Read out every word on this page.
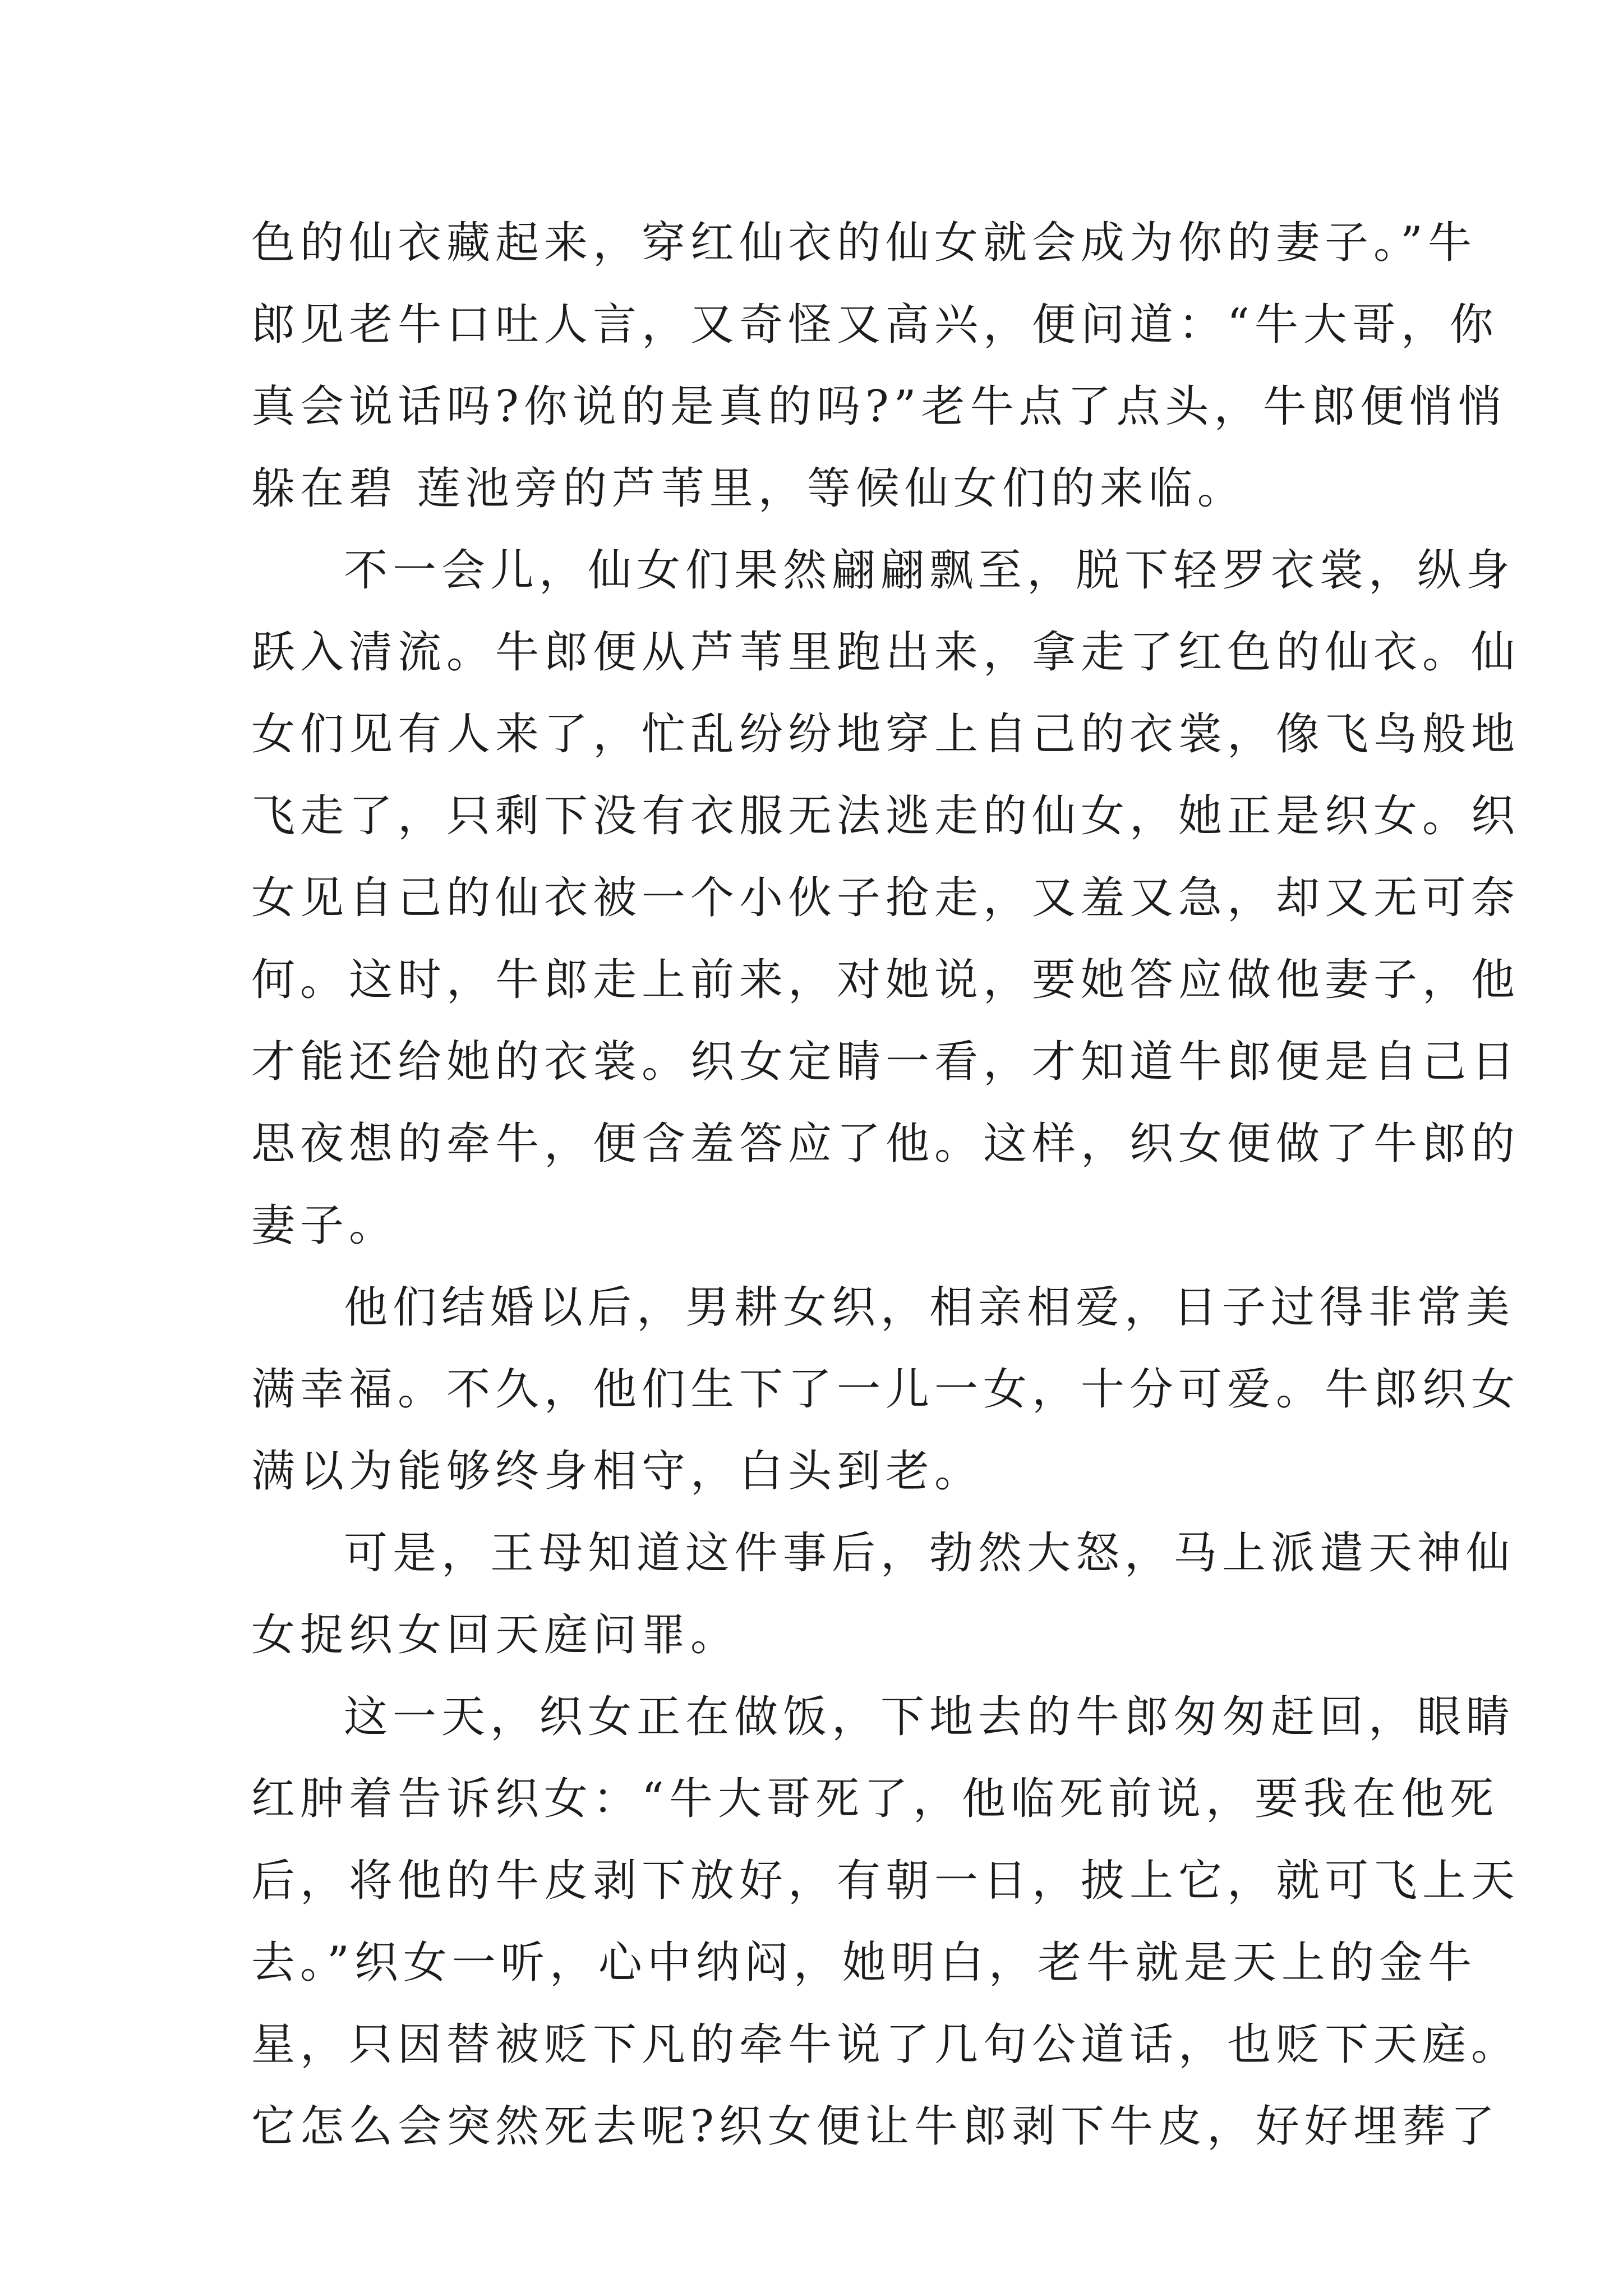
色的仙衣藏起来，穿红仙衣的仙女就会成为你的妻子。”牛
郎见老牛口吐人言，又奇怪又高兴，便问道：“牛大哥，你
真会说话吗?你说的是真的吗?”老牛点了点头，牛郎便悄悄
躲在碧 莲池旁的芦苇里，等候仙女们的来临。
不一会儿，仙女们果然翩翩飘至，脱下轻罗衣裳，纵身
跃入清流。牛郎便从芦苇里跑出来，拿走了红色的仙衣。仙
女们见有人来了，忙乱纷纷地穿上自己的衣裳，像飞鸟般地
飞走了，只剩下没有衣服无法逃走的仙女，她正是织女。织
女见自己的仙衣被一个小伙子抢走，又羞又急，却又无可奈
何。这时，牛郎走上前来，对她说，要她答应做他妻子，他
才能还给她的衣裳。织女定睛一看，才知道牛郎便是自己日
思夜想的牵牛，便含羞答应了他。这样，织女便做了牛郎的
妻子。
他们结婚以后，男耕女织，相亲相爱，日子过得非常美
满幸福。不久，他们生下了一儿一女，十分可爱。牛郎织女
满以为能够终身相守，白头到老。
可是，王母知道这件事后，勃然大怒，马上派遣天神仙
女捉织女回天庭问罪。
这一天，织女正在做饭，下地去的牛郎匆匆赶回，眼睛
红肿着告诉织女：“牛大哥死了，他临死前说，要我在他死
后，将他的牛皮剥下放好，有朝一日，披上它，就可飞上天
去。”织女一听，心中纳闷，她明白，老牛就是天上的金牛
星，只因替被贬下凡的牵牛说了几句公道话，也贬下天庭。
它怎么会突然死去呢?织女便让牛郎剥下牛皮，好好埋葬了
